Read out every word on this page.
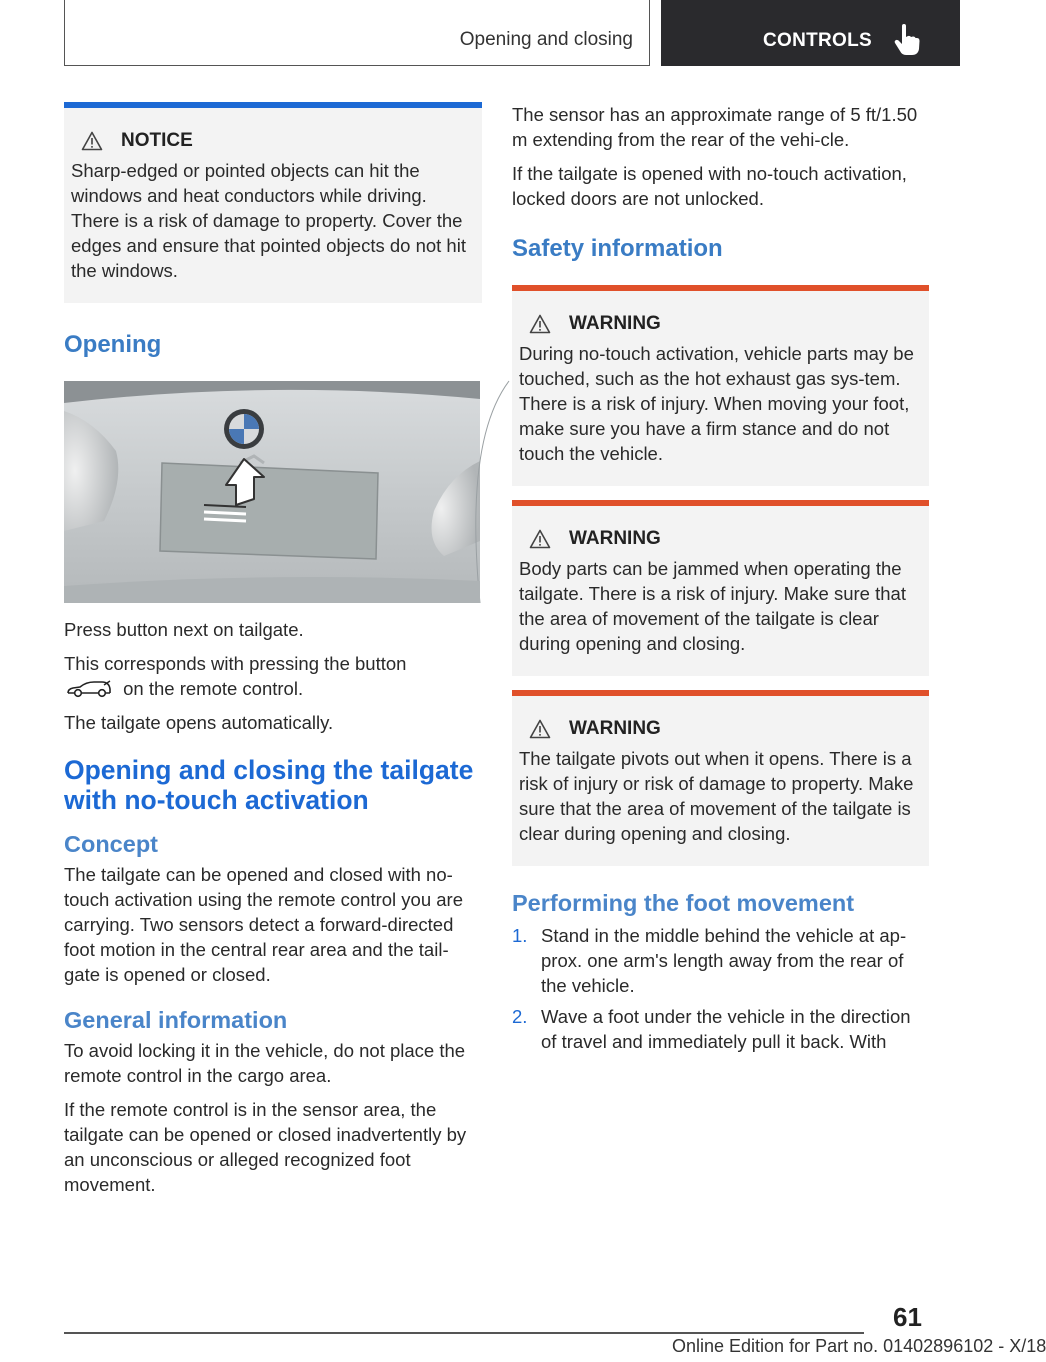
Opening and closing	CONTROLS
NOTICE
Sharp-edged or pointed objects can hit the windows and heat conductors while driving. There is a risk of damage to property. Cover the edges and ensure that pointed objects do not hit the windows.
Opening
Press button next on tailgate.
This corresponds with pressing the button
on the remote control.
The tailgate opens automatically.
Opening and closing the tailgate with no-touch activation
Concept
The tailgate can be opened and closed with no-touch activation using the remote control you are carrying. Two sensors detect a forward-directed foot motion in the central rear area and the tail-gate is opened or closed.
General information
To avoid locking it in the vehicle, do not place the remote control in the cargo area.
If the remote control is in the sensor area, the tailgate can be opened or closed inadvertently by an unconscious or alleged recognized foot movement.
The sensor has an approximate range of 5 ft/1.50 m extending from the rear of the vehi-cle.
If the tailgate is opened with no-touch activation, locked doors are not unlocked.
Safety information
WARNING
During no-touch activation, vehicle parts may be touched, such as the hot exhaust gas sys-tem. There is a risk of injury. When moving your foot, make sure you have a firm stance and do not touch the vehicle.
WARNING
Body parts can be jammed when operating the tailgate. There is a risk of injury. Make sure that the area of movement of the tailgate is clear during opening and closing.
WARNING
The tailgate pivots out when it opens. There is a risk of injury or risk of damage to property. Make sure that the area of movement of the tailgate is clear during opening and closing.
Performing the foot movement
1. Stand in the middle behind the vehicle at ap-prox. one arm's length away from the rear of the vehicle.
2. Wave a foot under the vehicle in the direction of travel and immediately pull it back. With
61
Online Edition for Part no. 01402896102 - X/18
